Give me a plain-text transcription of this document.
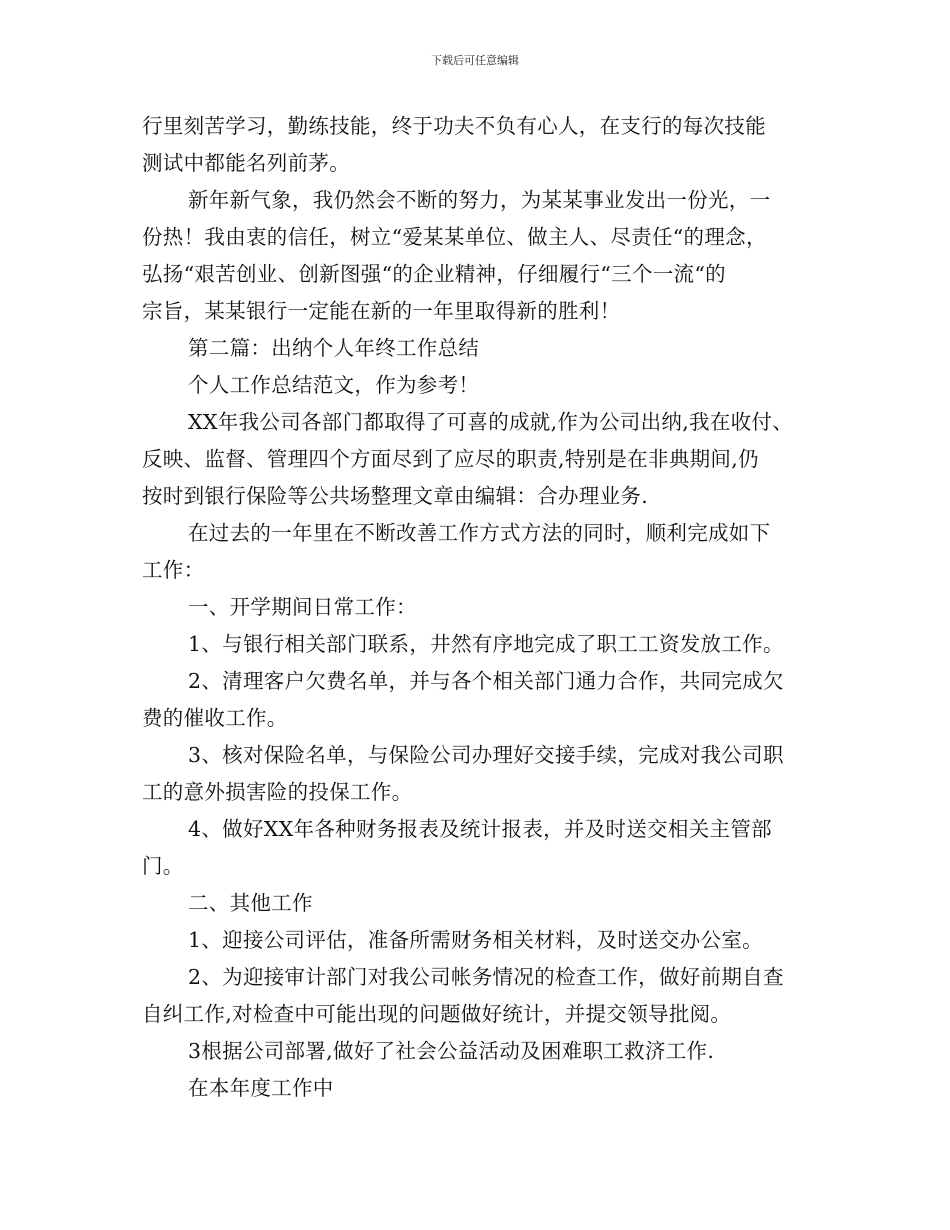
下载后可任意编辑
行里刻苦学习，勤练技能，终于功夫不负有心人，在支行的每次技能
测试中都能名列前茅。
新年新气象，我仍然会不断的努力，为某某事业发出一份光，一
份热！我由衷的信任，树立“爱某某单位、做主人、尽责任“的理念，
弘扬“艰苦创业、创新图强“的企业精神，仔细履行“三个一流“的
宗旨，某某银行一定能在新的一年里取得新的胜利！
第二篇：出纳个人年终工作总结
个人工作总结范文，作为参考！
XX年我公司各部门都取得了可喜的成就,作为公司出纳,我在收付、
反映、监督、管理四个方面尽到了应尽的职责,特别是在非典期间,仍
按时到银行保险等公共场整理文章由编辑：合办理业务.
在过去的一年里在不断改善工作方式方法的同时，顺利完成如下
工作：
一、开学期间日常工作：
1、与银行相关部门联系，井然有序地完成了职工工资发放工作。
2、清理客户欠费名单，并与各个相关部门通力合作，共同完成欠
费的催收工作。
3、核对保险名单，与保险公司办理好交接手续，完成对我公司职
工的意外损害险的投保工作。
4、做好XX年各种财务报表及统计报表，并及时送交相关主管部
门。
二、其他工作
1、迎接公司评估，准备所需财务相关材料，及时送交办公室。
2、为迎接审计部门对我公司帐务情况的检查工作，做好前期自查
自纠工作,对检查中可能出现的问题做好统计，并提交领导批阅。
3根据公司部署,做好了社会公益活动及困难职工救济工作.
在本年度工作中
